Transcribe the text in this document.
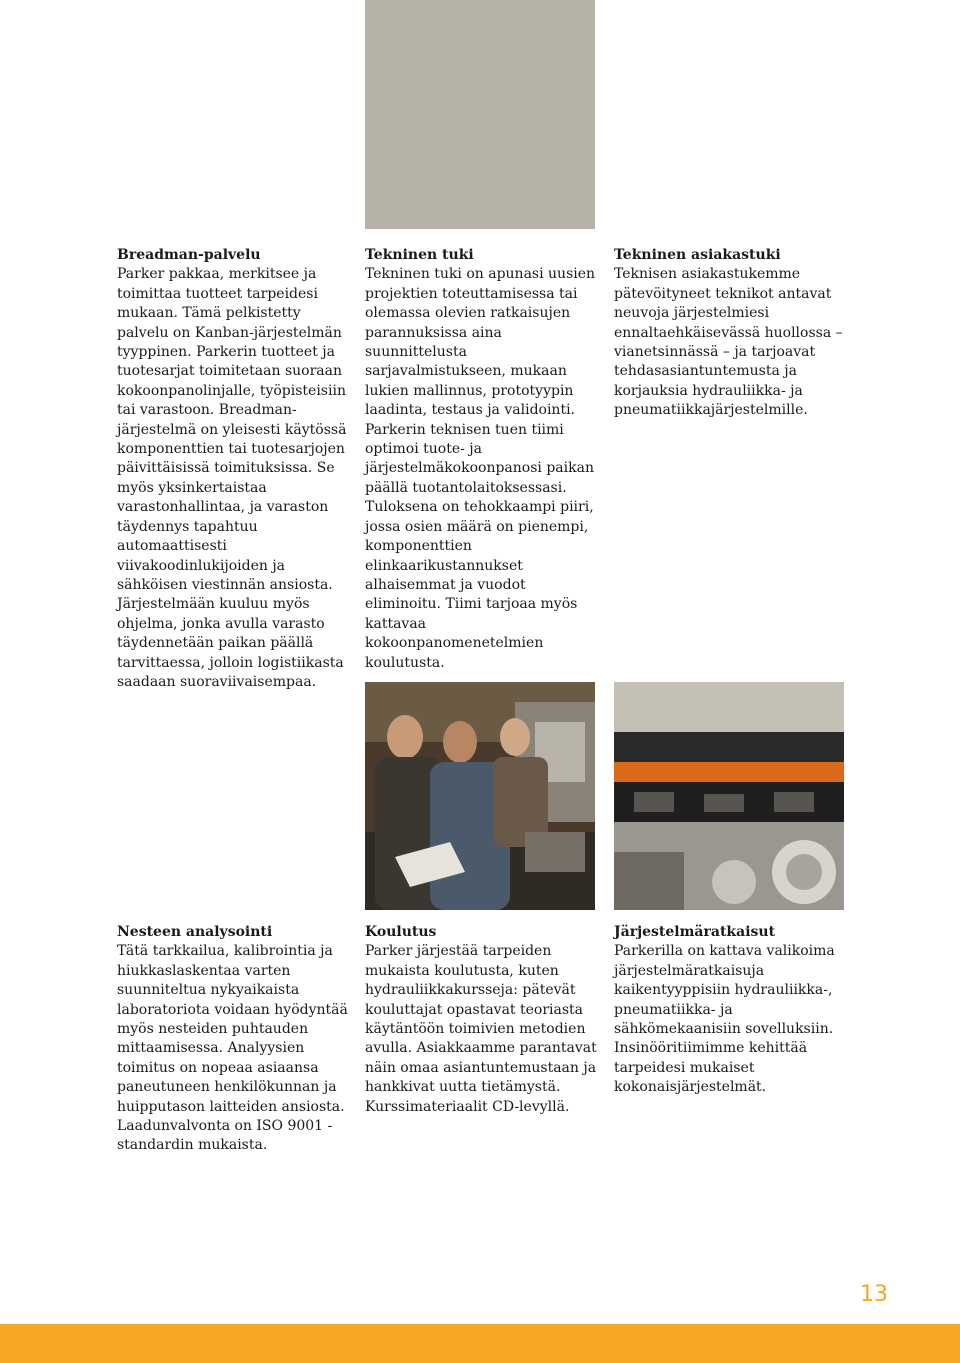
Breadman-palvelu

Parker pakkaa, merkitsee ja toimittaa tuotteet tarpeidesi mukaan. Tämä pelkistetty palvelu on Kanban-järjestelmän tyyppinen. Parkerin tuotteet ja tuotesarjat toimitetaan suoraan kokoonpanolinjalle, työpisteisiin tai varastoon. Breadman-järjestelmä on yleisesti käytössä komponenttien tai tuotesarjojen päivittäisissä toimituksissa. Se myös yksinkertaistaa varastonhallintaa, ja varaston täydennys tapahtuu automaattisesti viivakoodinlukijoiden ja sähköisen viestinnän ansiosta. Järjestelmään kuuluu myös ohjelma, jonka avulla varasto täydennetään paikan päällä tarvittaessa, jolloin logistiikasta saadaan suoraviivaisempaa.

Tekninen tuki

Tekninen tuki on apunasi uusien projektien toteuttamisessa tai olemassa olevien ratkaisujen parannuksissa aina suunnittelusta sarjavalmistukseen, mukaan lukien mallinnus, prototyypin laadinta, testaus ja validointi. Parkerin teknisen tuen tiimi optimoi tuote- ja järjestelmäkokoonpanosi paikan päällä tuotantolaitoksessasi. Tuloksena on tehokkaampi piiri, jossa osien määrä on pienempi, komponenttien elinkaarikustannukset alhaisemmat ja vuodot eliminoitu. Tiimi tarjoaa myös kattavaa kokoonpanomenetelmien koulutusta.

Tekninen asiakastuki

Teknisen asiakastukemme pätevöityneet teknikot antavat neuvoja järjestelmiesi ennaltaehkäisevässä huollossa – vianetsinnässä – ja tarjoavat tehdasasiantuntemusta ja korjauksia hydrauliikka- ja pneumatiikkajärjestelmille.

Nesteen analysointi

Tätä tarkkailua, kalibrointia ja hiukkaslaskentaa varten suunniteltua nykyaikaista laboratoriota voidaan hyödyntää myös nesteiden puhtauden mittaamisessa. Analyysien toimitus on nopeaa asiaansa paneutuneen henkilökunnan ja huipputason laitteiden ansiosta. Laadunvalvonta on ISO 9001 -standardin mukaista.

Koulutus

Parker järjestää tarpeiden mukaista koulutusta, kuten hydrauliikkakursseja: pätevät kouluttajat opastavat teoriasta käytäntöön toimivien metodien avulla. Asiakkaamme parantavat näin omaa asiantuntemustaan ja hankkivat uutta tietämystä. Kurssimateriaalit CD-levyllä.

Järjestelmäratkaisut

Parkerilla on kattava valikoima järjestelmäratkaisuja kaikentyyppisiin hydrauliikka-, pneumatiikka- ja sähkömekaanisiin sovelluksiin. Insinööritiimimme kehittää tarpeidesi mukaiset kokonaisjärjestelmät.

13
